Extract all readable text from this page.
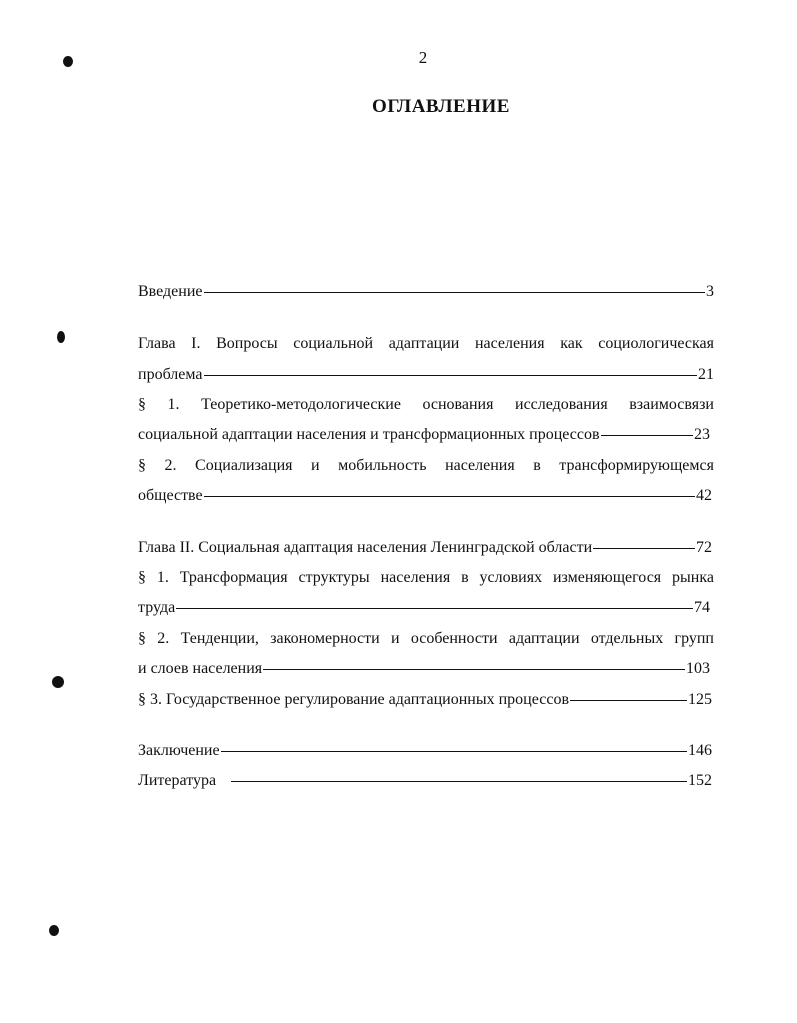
2
ОГЛАВЛЕНИЕ
Введение	3
Глава I. Вопросы социальной адаптации населения как социологическая
проблема	21
§ 1. Теоретико-методологические основания исследования взаимосвязи
социальной адаптации населения и трансформационных процессов	23
§ 2. Социализация и мобильность населения в трансформирующемся
обществе	42
Глава II. Социальная адаптация населения Ленинградской области	72
§ 1. Трансформация структуры населения в условиях изменяющегося рынка
труда	74
§ 2. Тенденции, закономерности и особенности адаптации отдельных групп
и слоев населения	103
§ 3. Государственное регулирование адаптационных процессов	125
Заключение	146
Литература	152
